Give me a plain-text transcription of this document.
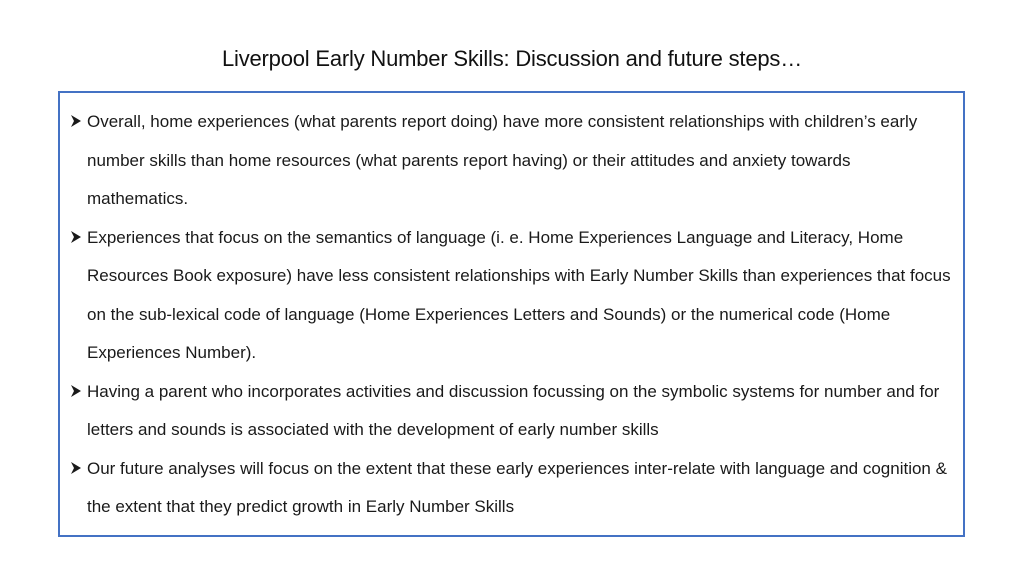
Liverpool Early Number Skills: Discussion and future steps…
Overall, home experiences (what parents report doing) have more consistent relationships with children’s early number skills than home resources (what parents report having) or their attitudes and anxiety towards mathematics.
Experiences that focus on the semantics of language (i. e. Home Experiences Language and Literacy, Home Resources Book exposure) have less consistent relationships with Early Number Skills than experiences that focus on the sub-lexical code of language (Home Experiences Letters and Sounds) or the numerical code (Home Experiences Number).
Having a parent who incorporates activities and discussion focussing on the symbolic systems for number and for letters and sounds is associated with the development of early number skills
Our future analyses will focus on the extent that these early experiences inter-relate with language and cognition & the extent that they predict growth in Early Number Skills
